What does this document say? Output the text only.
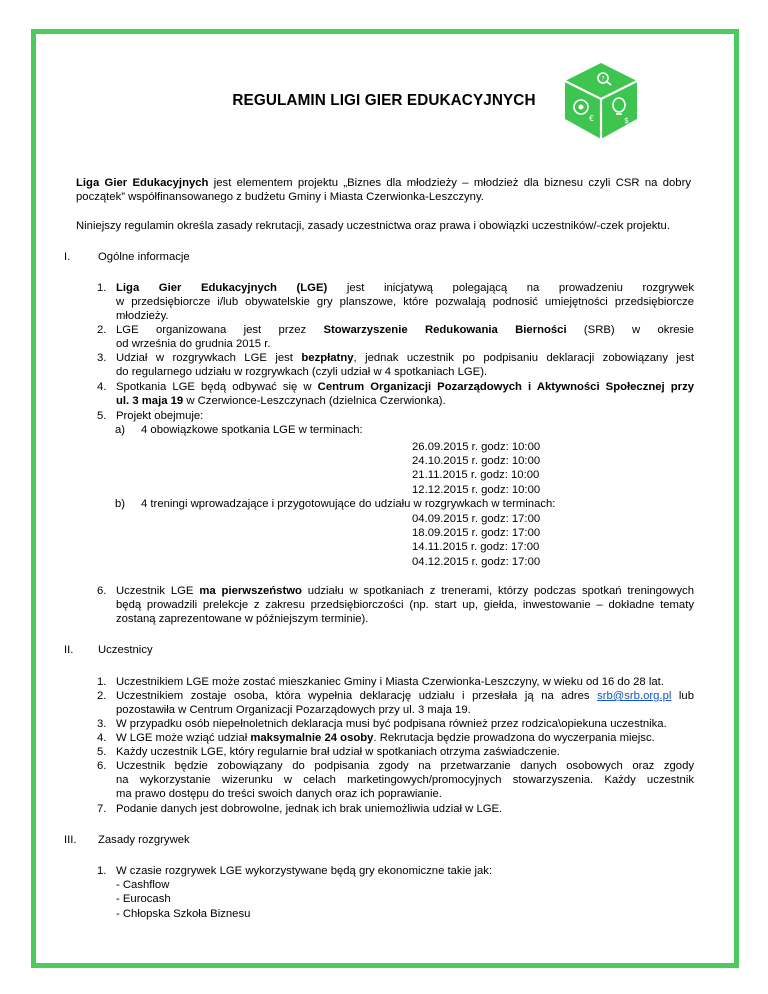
?
€	$
REGULAMIN LIGI GIER EDUKACYJNYCH
Liga Gier Edukacyjnych jest elementem projektu „Biznes dla młodzieży – młodzież dla biznesu czyli CSR na dobry
początek” współfinansowanego z budżetu Gminy i Miasta Czerwionka-Leszczyny.
Niniejszy regulamin określa zasady rekrutacji, zasady uczestnictwa oraz prawa i obowiązki uczestników/-czek projektu.
I. Ogólne informacje
1. Liga Gier Edukacyjnych (LGE) jest inicjatywą polegającą na prowadzeniu rozgrywek
w przedsiębiorcze i/lub obywatelskie gry planszowe, które pozwalają podnosić umiejętności przedsiębiorcze
młodzieży.
2. LGE organizowana jest przez Stowarzyszenie Redukowania Bierności (SRB) w okresie
od września do grudnia 2015 r.
3. Udział w rozgrywkach LGE jest bezpłatny, jednak uczestnik po podpisaniu deklaracji zobowiązany jest
do regularnego udziału w rozgrywkach (czyli udział w 4 spotkaniach LGE).
4. Spotkania LGE będą odbywać się w Centrum Organizacji Pozarządowych i Aktywności Społecznej przy
ul. 3 maja 19 w Czerwionce-Leszczynach (dzielnica Czerwionka).
5. Projekt obejmuje:
a) 4 obowiązkowe spotkania LGE w terminach:
26.09.2015 r. godz: 10:00
24.10.2015 r. godz: 10:00
21.11.2015 r. godz: 10:00
12.12.2015 r. godz: 10:00
b) 4 treningi wprowadzające i przygotowujące do udziału w rozgrywkach w terminach:
04.09.2015 r. godz: 17:00
18.09.2015 r. godz: 17:00
14.11.2015 r. godz: 17:00
04.12.2015 r. godz: 17:00
6. Uczestnik LGE ma pierwszeństwo udziału w spotkaniach z trenerami, którzy podczas spotkań treningowych
będą prowadzili prelekcje z zakresu przedsiębiorczości (np. start up, giełda, inwestowanie – dokładne tematy
zostaną zaprezentowane w późniejszym terminie).
II. Uczestnicy
1. Uczestnikiem LGE może zostać mieszkaniec Gminy i Miasta Czerwionka-Leszczyny, w wieku od 16 do 28 lat.
2. Uczestnikiem zostaje osoba, która wypełnia deklarację udziału i przesłała ją na adres srb@srb.org.pl lub
pozostawiła w Centrum Organizacji Pozarządowych przy ul. 3 maja 19.
3. W przypadku osób niepełnoletnich deklaracja musi być podpisana również przez rodzica\opiekuna uczestnika.
4. W LGE może wziąć udział maksymalnie 24 osoby. Rekrutacja będzie prowadzona do wyczerpania miejsc.
5. Każdy uczestnik LGE, który regularnie brał udział w spotkaniach otrzyma zaświadczenie.
6. Uczestnik będzie zobowiązany do podpisania zgody na przetwarzanie danych osobowych oraz zgody
na wykorzystanie wizerunku w celach marketingowych/promocyjnych stowarzyszenia. Każdy uczestnik
ma prawo dostępu do treści swoich danych oraz ich poprawianie.
7. Podanie danych jest dobrowolne, jednak ich brak uniemożliwia udział w LGE.
III. Zasady rozgrywek
1. W czasie rozgrywek LGE wykorzystywane będą gry ekonomiczne takie jak:
- Cashflow
- Eurocash
- Chłopska Szkoła Biznesu
